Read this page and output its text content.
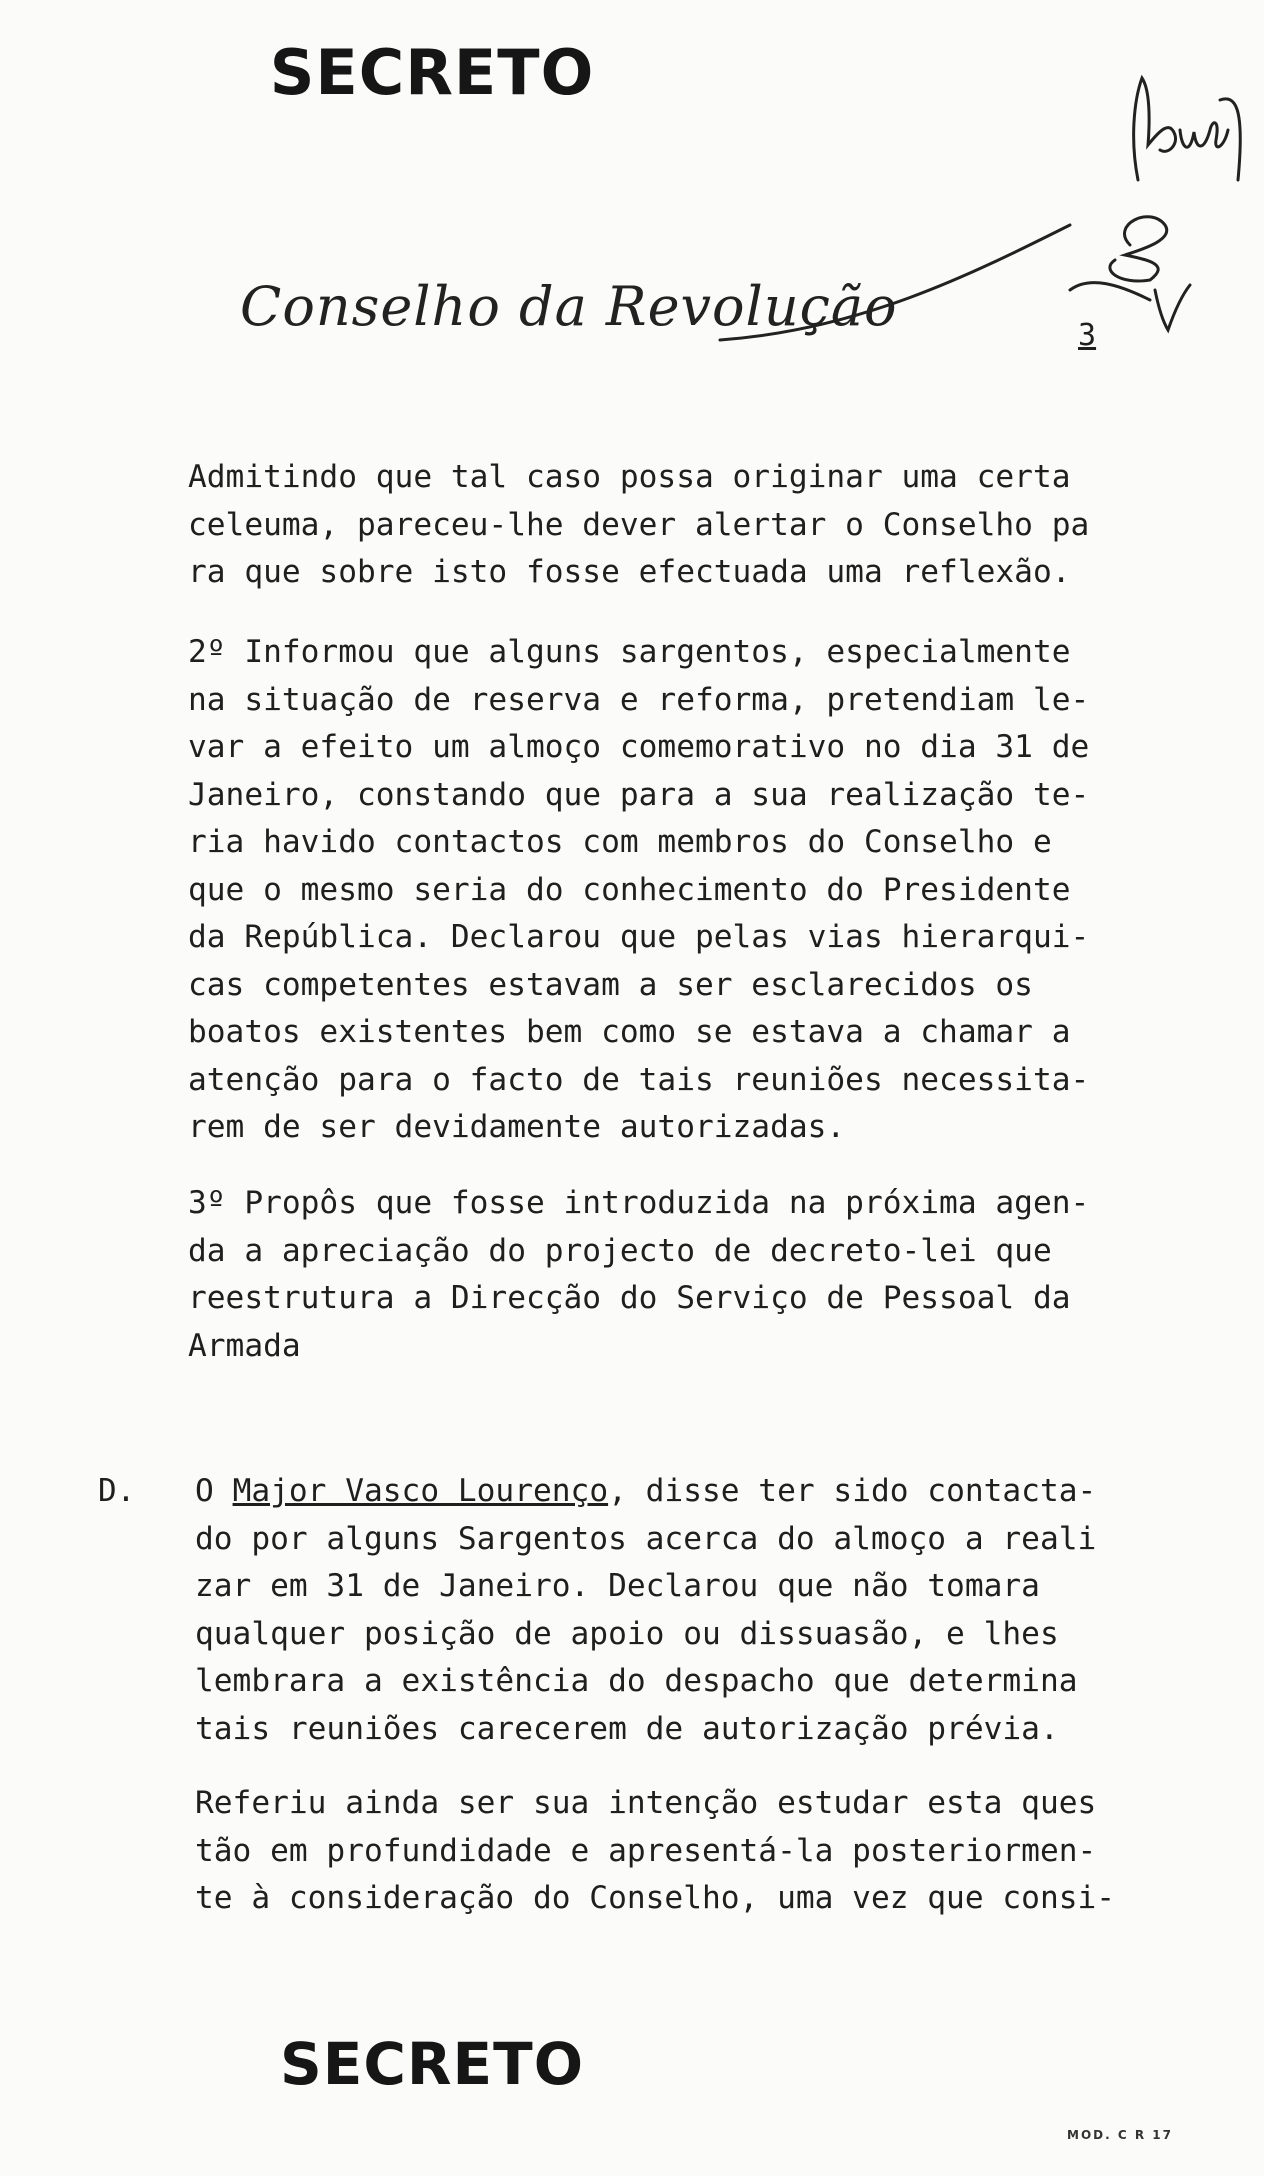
SECRETO
Conselho da Revolução	3
Admitindo que tal caso possa originar uma certa
celeuma, pareceu-lhe dever alertar o Conselho pa
ra que sobre isto fosse efectuada uma reflexão.
2º Informou que alguns sargentos, especialmente
na situação de reserva e reforma, pretendiam le-
var a efeito um almoço comemorativo no dia 31 de
Janeiro, constando que para a sua realização te-
ria havido contactos com membros do Conselho e
que o mesmo seria do conhecimento do Presidente
da República. Declarou que pelas vias hierarqui-
cas competentes estavam a ser esclarecidos os
boatos existentes bem como se estava a chamar a
atenção para o facto de tais reuniões necessita-
rem de ser devidamente autorizadas.
3º Propôs que fosse introduzida na próxima agen-
da a apreciação do projecto de decreto-lei que
reestrutura a Direcção do Serviço de Pessoal da
Armada
D. O Major Vasco Lourenço, disse ter sido contacta-
do por alguns Sargentos acerca do almoço a reali
zar em 31 de Janeiro. Declarou que não tomara
qualquer posição de apoio ou dissuasão, e lhes
lembrara a existência do despacho que determina
tais reuniões carecerem de autorização prévia.
Referiu ainda ser sua intenção estudar esta ques
tão em profundidade e apresentá-la posteriormen-
te à consideração do Conselho, uma vez que consi-
SECRETO
MOD. C R 17
